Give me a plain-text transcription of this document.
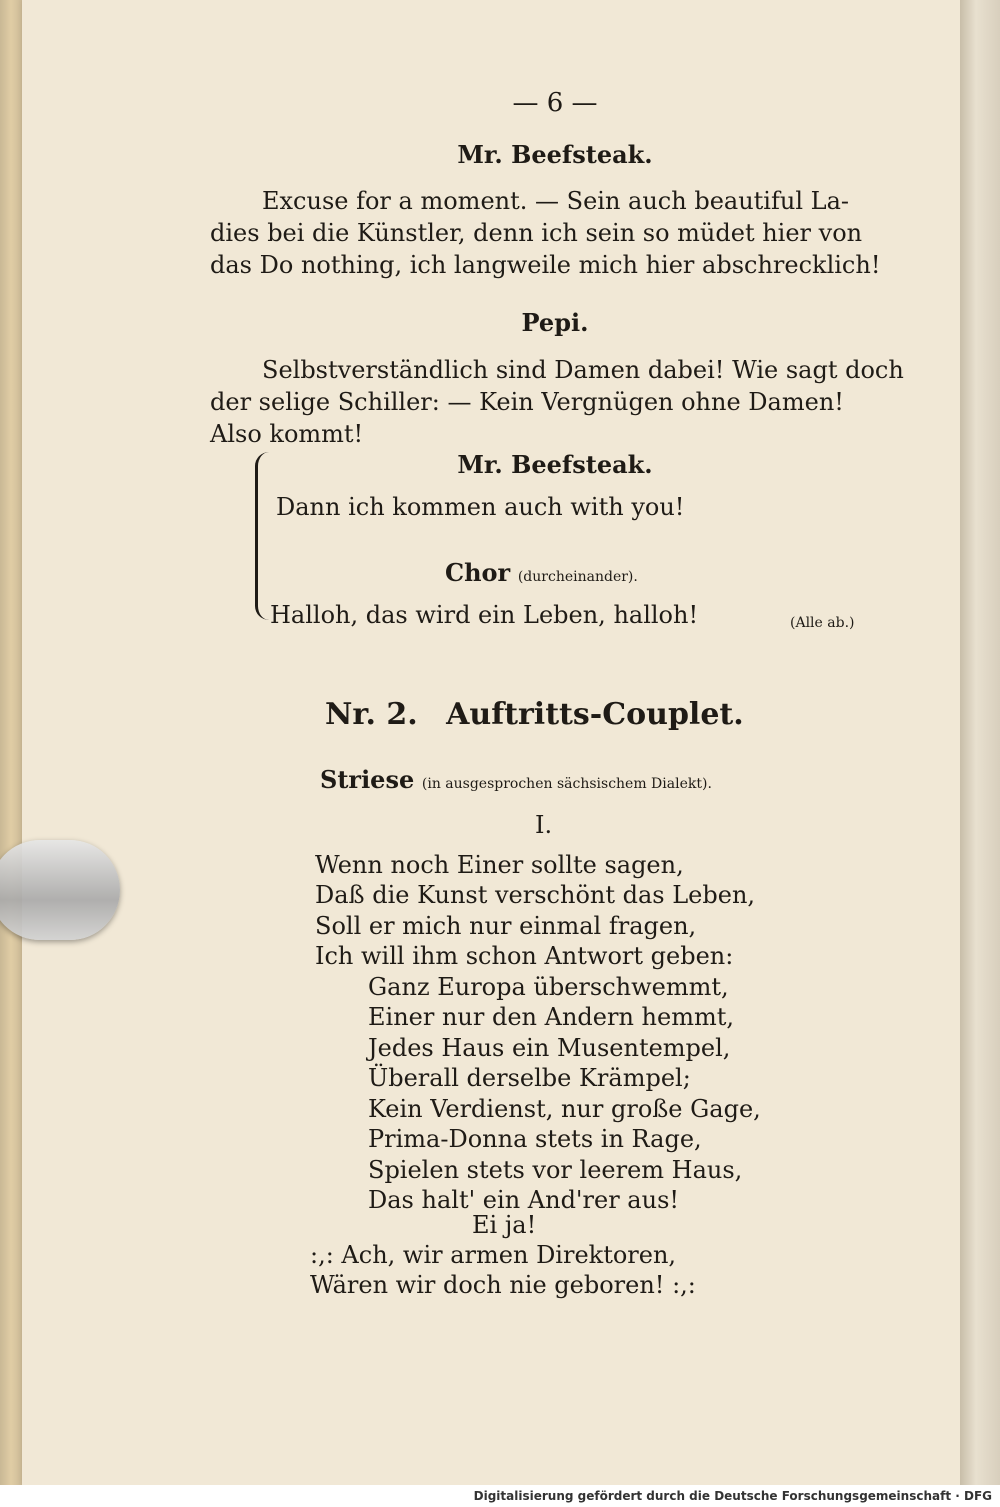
— 6 —
Mr. Beefsteak.
Excuse for a moment. — Sein auch beautiful La-
dies bei die Künstler, denn ich sein so müdet hier von
das Do nothing, ich langweile mich hier abschrecklich!
Pepi.
Selbstverständlich sind Damen dabei! Wie sagt doch
der selige Schiller: — Kein Vergnügen ohne Damen!
Also kommt!
Mr. Beefsteak.
Dann ich kommen auch with you!
Chor (durcheinander).
Halloh, das wird ein Leben, halloh!	(Alle ab.)
Nr. 2. Auftritts-Couplet.
Striese (in ausgesprochen sächsischem Dialekt).
I.
Wenn noch Einer sollte sagen,
Daß die Kunst verschönt das Leben,
Soll er mich nur einmal fragen,
Ich will ihm schon Antwort geben:
Ganz Europa überschwemmt,
Einer nur den Andern hemmt,
Jedes Haus ein Musentempel,
Überall derselbe Krämpel;
Kein Verdienst, nur große Gage,
Prima-Donna stets in Rage,
Spielen stets vor leerem Haus,
Das halt' ein And'rer aus!
Ei ja!
:,: Ach, wir armen Direktoren,
Wären wir doch nie geboren! :,:
Digitalisierung gefördert durch die Deutsche Forschungsgemeinschaft · DFG
